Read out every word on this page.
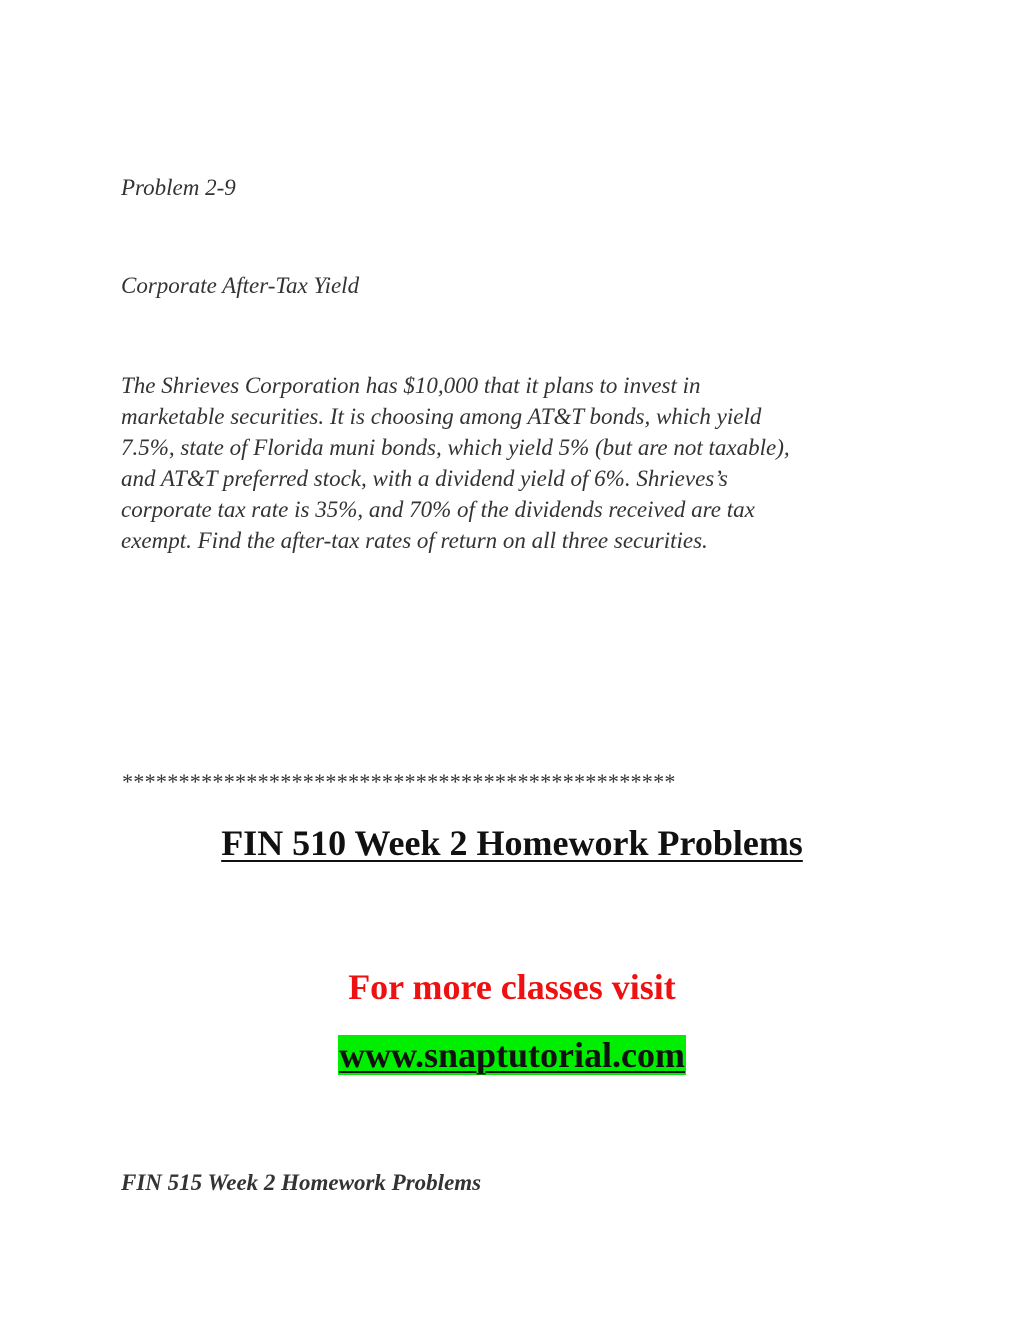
Problem 2-9

Corporate After-Tax Yield

The Shrieves Corporation has $10,000 that it plans to invest in
marketable securities. It is choosing among AT&T bonds, which yield
7.5%, state of Florida muni bonds, which yield 5% (but are not taxable),
and AT&T preferred stock, with a dividend yield of 6%. Shrieves’s
corporate tax rate is 35%, and 70% of the dividends received are tax
exempt. Find the after-tax rates of return on all three securities.

*************************************************

FIN 510 Week 2 Homework Problems

For more classes visit

www.snaptutorial.com

FIN 515 Week 2 Homework Problems
